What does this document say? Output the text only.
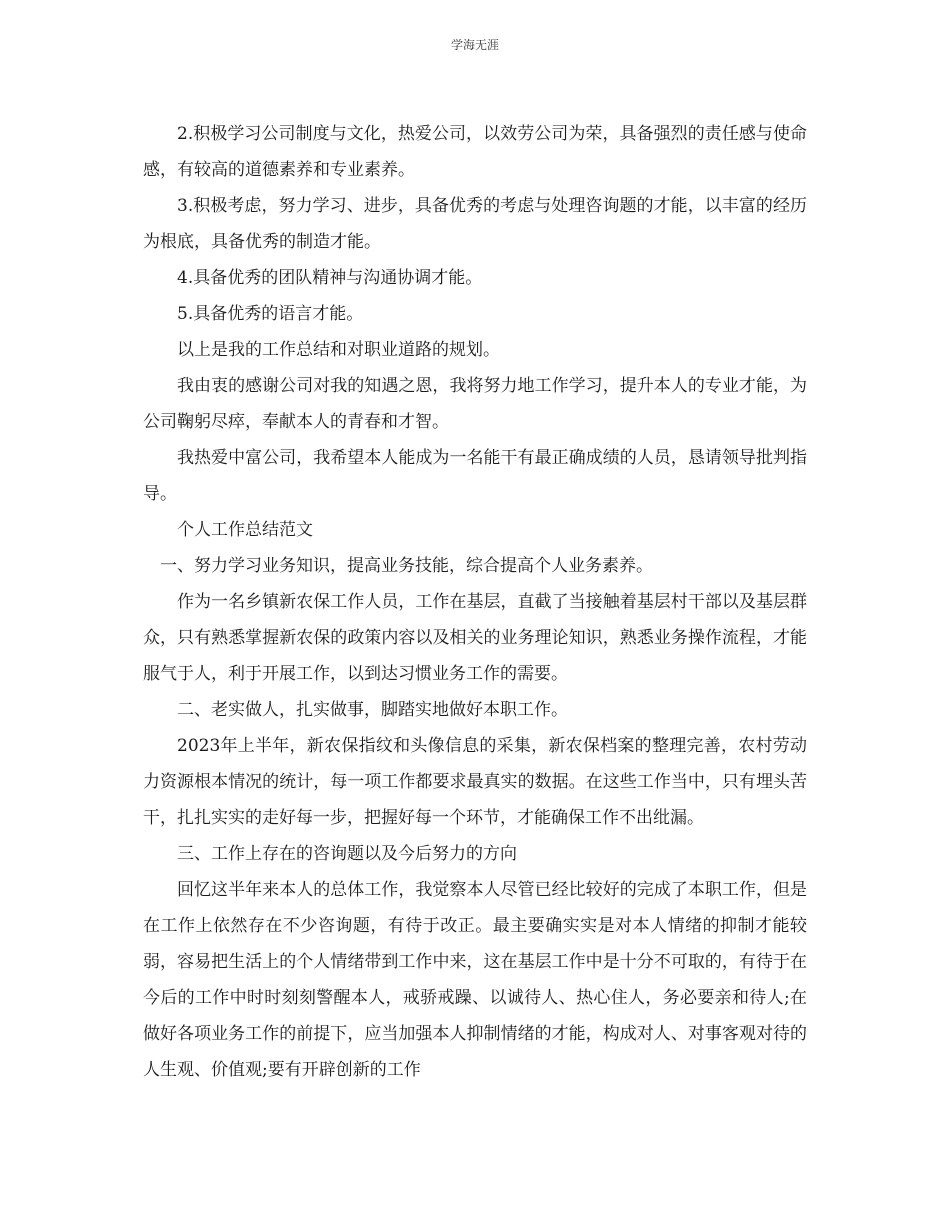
学海无涯

2.积极学习公司制度与文化，热爱公司，以效劳公司为荣，具备强烈的责任感与使命感，有较高的道德素养和专业素养。

3.积极考虑，努力学习、进步，具备优秀的考虑与处理咨询题的才能，以丰富的经历为根底，具备优秀的制造才能。

4.具备优秀的团队精神与沟通协调才能。

5.具备优秀的语言才能。

以上是我的工作总结和对职业道路的规划。

我由衷的感谢公司对我的知遇之恩，我将努力地工作学习，提升本人的专业才能，为公司鞠躬尽瘁，奉献本人的青春和才智。

我热爱中富公司，我希望本人能成为一名能干有最正确成绩的人员，恳请领导批判指导。

个人工作总结范文

一、努力学习业务知识，提高业务技能，综合提高个人业务素养。

作为一名乡镇新农保工作人员，工作在基层，直截了当接触着基层村干部以及基层群众，只有熟悉掌握新农保的政策内容以及相关的业务理论知识，熟悉业务操作流程，才能服气于人，利于开展工作，以到达习惯业务工作的需要。

二、老实做人，扎实做事，脚踏实地做好本职工作。

2023年上半年，新农保指纹和头像信息的采集，新农保档案的整理完善，农村劳动力资源根本情况的统计，每一项工作都要求最真实的数据。在这些工作当中，只有埋头苦干，扎扎实实的走好每一步，把握好每一个环节，才能确保工作不出纰漏。

三、工作上存在的咨询题以及今后努力的方向

回忆这半年来本人的总体工作，我觉察本人尽管已经比较好的完成了本职工作，但是在工作上依然存在不少咨询题，有待于改正。最主要确实实是对本人情绪的抑制才能较弱，容易把生活上的个人情绪带到工作中来，这在基层工作中是十分不可取的，有待于在今后的工作中时时刻刻警醒本人，戒骄戒躁、以诚待人、热心住人，务必要亲和待人;在做好各项业务工作的前提下，应当加强本人抑制情绪的才能，构成对人、对事客观对待的人生观、价值观;要有开辟创新的工作
